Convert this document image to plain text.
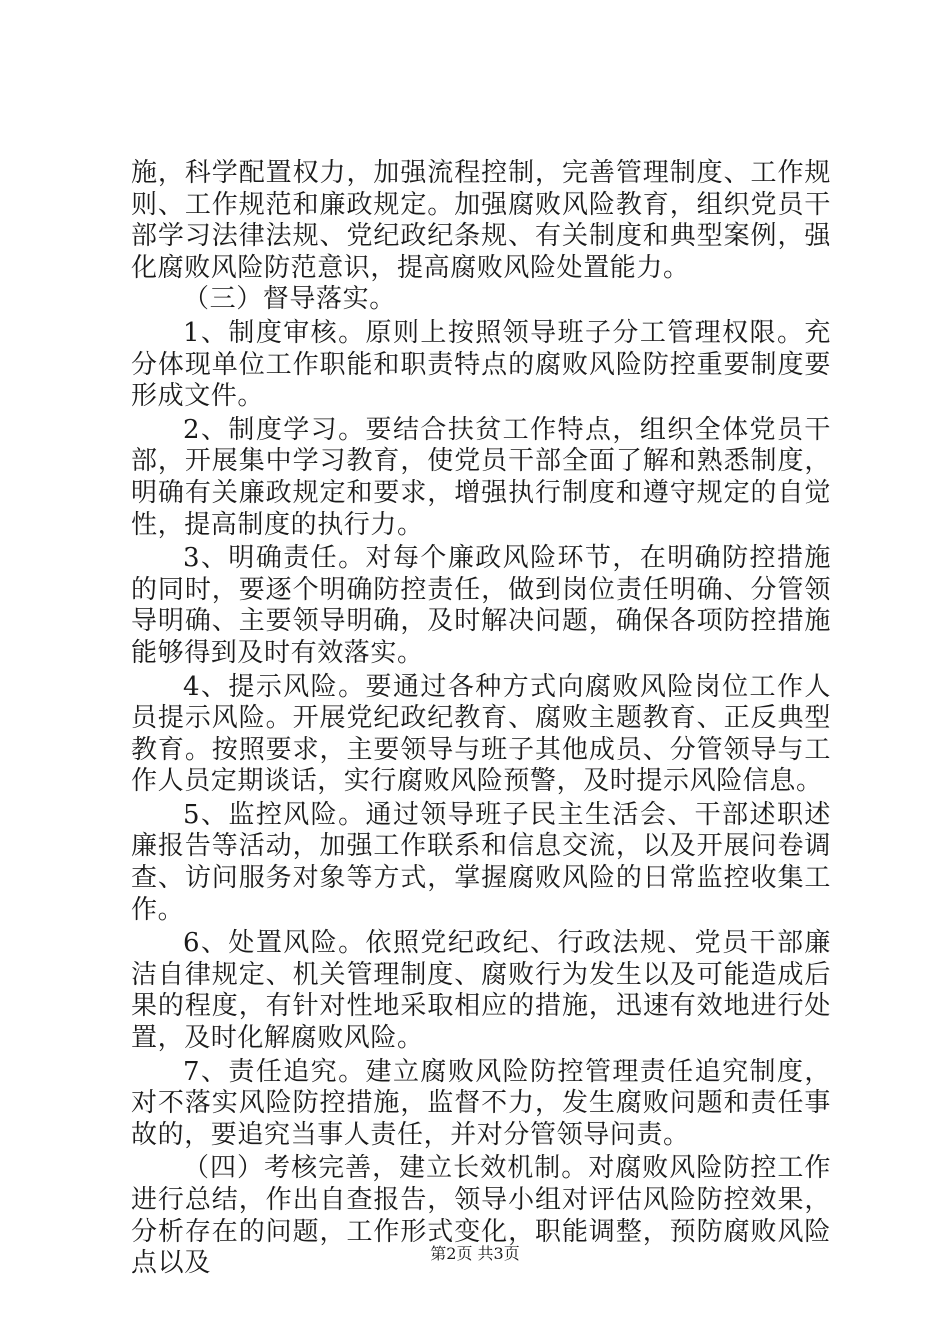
施，科学配置权力，加强流程控制，完善管理制度、工作规则、工作规范和廉政规定。加强腐败风险教育，组织党员干部学习法律法规、党纪政纪条规、有关制度和典型案例，强化腐败风险防范意识，提高腐败风险处置能力。

（三）督导落实。

1、制度审核。原则上按照领导班子分工管理权限。充分体现单位工作职能和职责特点的腐败风险防控重要制度要形成文件。

2、制度学习。要结合扶贫工作特点，组织全体党员干部，开展集中学习教育，使党员干部全面了解和熟悉制度，明确有关廉政规定和要求，增强执行制度和遵守规定的自觉性，提高制度的执行力。

3、明确责任。对每个廉政风险环节，在明确防控措施的同时，要逐个明确防控责任，做到岗位责任明确、分管领导明确、主要领导明确，及时解决问题，确保各项防控措施能够得到及时有效落实。

4、提示风险。要通过各种方式向腐败风险岗位工作人员提示风险。开展党纪政纪教育、腐败主题教育、正反典型教育。按照要求，主要领导与班子其他成员、分管领导与工作人员定期谈话，实行腐败风险预警，及时提示风险信息。

5、监控风险。通过领导班子民主生活会、干部述职述廉报告等活动，加强工作联系和信息交流，以及开展问卷调查、访问服务对象等方式，掌握腐败风险的日常监控收集工作。

6、处置风险。依照党纪政纪、行政法规、党员干部廉洁自律规定、机关管理制度、腐败行为发生以及可能造成后果的程度，有针对性地采取相应的措施，迅速有效地进行处置，及时化解腐败风险。

7、责任追究。建立腐败风险防控管理责任追究制度，对不落实风险防控措施，监督不力，发生腐败问题和责任事故的，要追究当事人责任，并对分管领导问责。

（四）考核完善，建立长效机制。对腐败风险防控工作进行总结，作出自查报告，领导小组对评估风险防控效果，分析存在的问题，工作形式变化，职能调整，预防腐败风险点以及	第2页 共3页
